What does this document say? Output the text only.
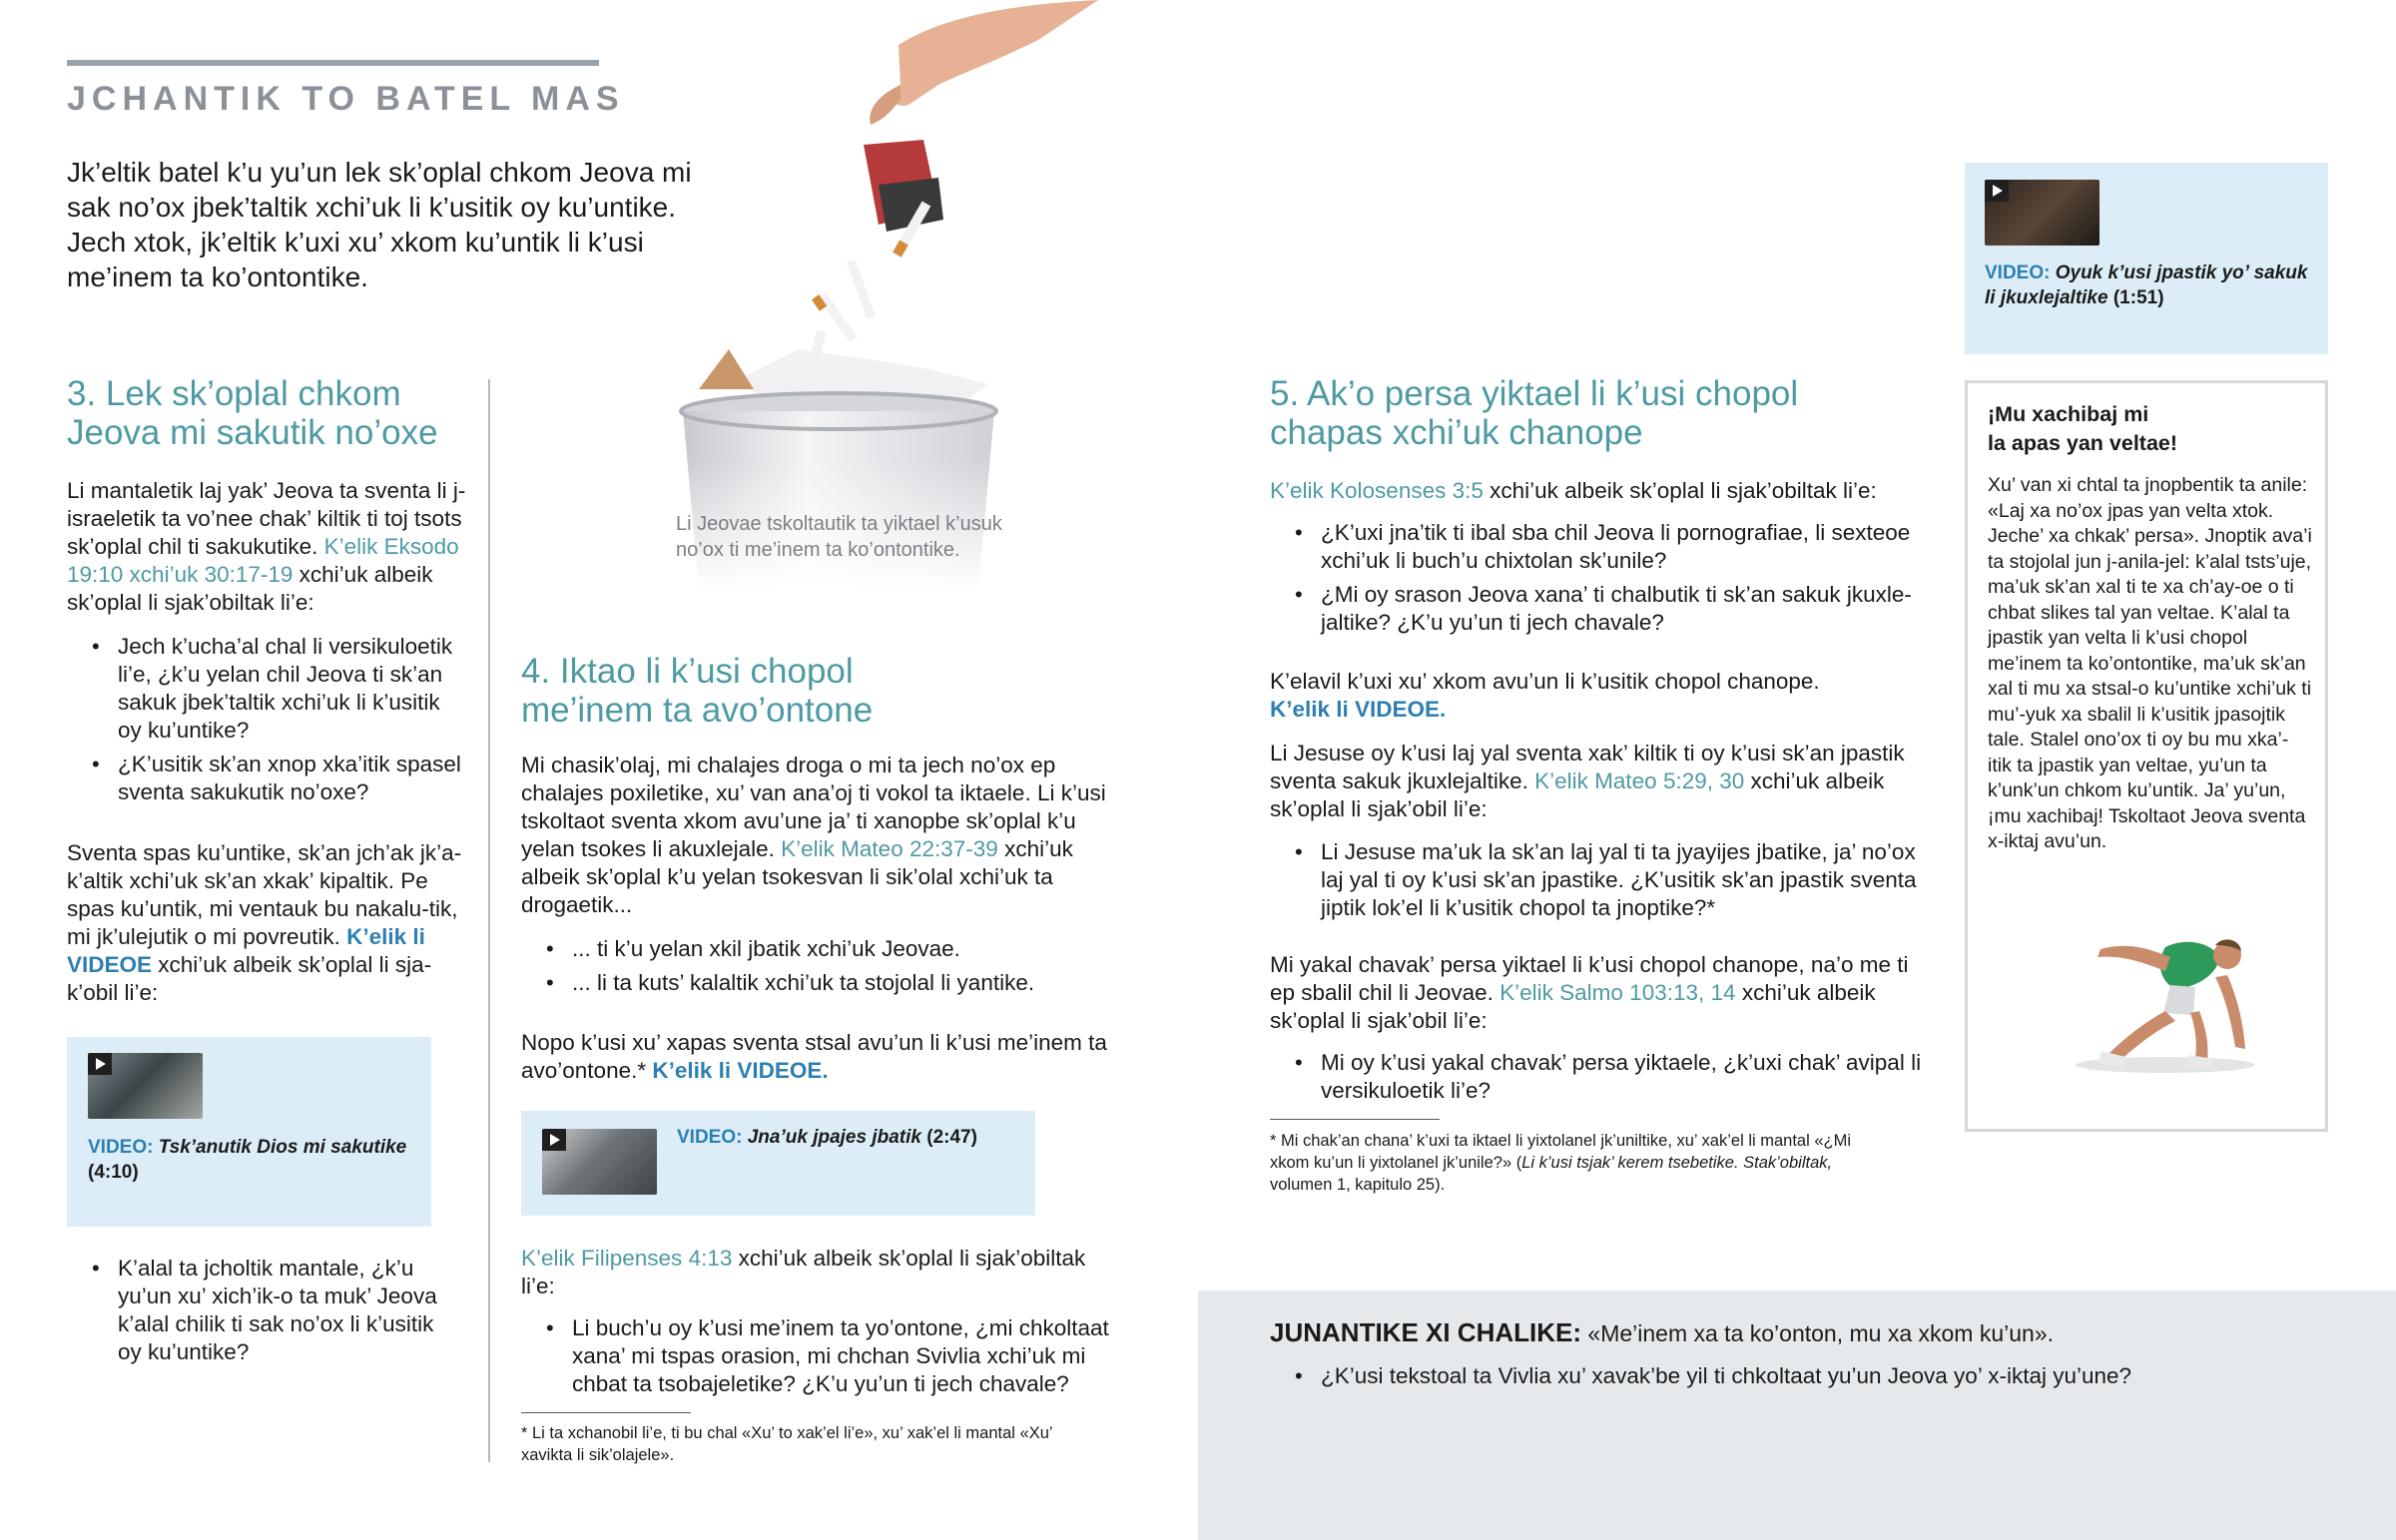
JCHANTIK TO BATEL MAS

Jk’eltik batel k’u yu’un lek sk’oplal chkom Jeova mi sak no’ox jbek’taltik xchi’uk li k’usitik oy ku’untike. Jech xtok, jk’eltik k’uxi xu’ xkom ku’untik li k’usi me’inem ta ko’ontontike.

Li Jeovae tskoltautik ta yiktael k’usuk no’ox ti me’inem ta ko’ontontike.

3. Lek sk’oplal chkom Jeova mi sakutik no’oxe

Li mantaletik laj yak’ Jeova ta sventa li j-israeletik ta vo’nee chak’ kiltik ti toj tsots sk’oplal chil ti sakukutike. K’elik Eksodo 19:10 xchi’uk 30:17-19 xchi’uk albeik sk’oplal li sjak’obiltak li’e:

• Jech k’ucha’al chal li versikuloetik li’e, ¿k’u yelan chil Jeova ti sk’an sakuk jbek’taltik xchi’uk li k’usitik oy ku’untike?
• ¿K’usitik sk’an xnop xka’itik spasel sventa sakukutik no’oxe?

Sventa spas ku’untike, sk’an jch’ak jk’a-k’altik xchi’uk sk’an xkak’ kipaltik. Pe spas ku’untik, mi ventauk bu nakalu-tik, mi jk’ulejutik o mi povreutik. K’elik li VIDEOE xchi’uk albeik sk’oplal li sja-k’obil li’e:

VIDEO: Tsk’anutik Dios mi sakutike (4:10)

• K’alal ta jcholtik mantale, ¿k’u yu’un xu’ xich’ik-o ta muk’ Jeova k’alal chilik ti sak no’ox li k’usitik oy ku’untike?
4. Iktao li k’usi chopol me’inem ta avo’ontone

Mi chasik’olaj, mi chalajes droga o mi ta jech no’ox ep chalajes poxiletike, xu’ van ana’oj ti vokol ta iktaele. Li k’usi tskoltaot sventa xkom avu’une ja’ ti xanopbe sk’oplal k’u yelan tsokes li akuxlejale. K’elik Mateo 22:37-39 xchi’uk albeik sk’oplal k’u yelan tsokesvan li sik’olal xchi’uk ta drogaetik...

• ... ti k’u yelan xkil jbatik xchi’uk Jeovae.
• ... li ta kuts’ kalaltik xchi’uk ta stojolal li yantike.

Nopo k’usi xu’ xapas sventa stsal avu’un li k’usi me’inem ta avo’ontone.* K’elik li VIDEOE.

VIDEO: Jna’uk jpajes jbatik (2:47)

K’elik Filipenses 4:13 xchi’uk albeik sk’oplal li sjak’obiltak li’e:

• Li buch’u oy k’usi me’inem ta yo’ontone, ¿mi chkoltaat xana’ mi tspas orasion, mi chchan Svivlia xchi’uk mi chbat ta tsobajeletike? ¿K’u yu’un ti jech chavale?

* Li ta xchanobil li’e, ti bu chal «Xu’ to xak’el li’e», xu’ xak’el li mantal «Xu’ xavikta li sik’olajele».

5. Ak’o persa yiktael li k’usi chopol chapas xchi’uk chanope

K’elik Kolosenses 3:5 xchi’uk albeik sk’oplal li sjak’obiltak li’e:

• ¿K’uxi jna’tik ti ibal sba chil Jeova li pornografiae, li sexteoe xchi’uk li buch’u chixtolan sk’unile?
• ¿Mi oy srason Jeova xana’ ti chalbutik ti sk’an sakuk jkuxle-jaltike? ¿K’u yu’un ti jech chavale?

K’elavil k’uxi xu’ xkom avu’un li k’usitik chopol chanope.
K’elik li VIDEOE.

Li Jesuse oy k’usi laj yal sventa xak’ kiltik ti oy k’usi sk’an jpastik sventa sakuk jkuxlejaltike. K’elik Mateo 5:29, 30 xchi’uk albeik sk’oplal li sjak’obil li’e:

• Li Jesuse ma’uk la sk’an laj yal ti ta jyayijes jbatike, ja’ no’ox laj yal ti oy k’usi sk’an jpastike. ¿K’usitik sk’an jpastik sventa jiptik lok’el li k’usitik chopol ta jnoptike?*

Mi yakal chavak’ persa yiktael li k’usi chopol chanope, na’o me ti ep sbalil chil li Jeovae. K’elik Salmo 103:13, 14 xchi’uk albeik sk’oplal li sjak’obil li’e:

• Mi oy k’usi yakal chavak’ persa yiktaele, ¿k’uxi chak’ avipal li versikuloetik li’e?

* Mi chak’an chana’ k’uxi ta iktael li yixtolanel jk’uniltike, xu’ xak’el li mantal «¿Mi xkom ku’un li yixtolanel jk’unile?» (Li k’usi tsjak’ kerem tsebetike. Stak’obiltak, volumen 1, kapitulo 25).

VIDEO: Oyuk k’usi jpastik yo’ sakuk li jkuxlejaltike (1:51)

¡Mu xachibaj mi
la apas yan veltae!

Xu’ van xi chtal ta jnopbentik ta anile: «Laj xa no’ox jpas yan velta xtok. Jeche’ xa chkak’ persa». Jnoptik ava’i ta stojolal jun j-anila-jel: k’alal tsts’uje, ma’uk sk’an xal ti te xa ch’ay-oe o ti chbat slikes tal yan veltae. K’alal ta jpastik yan velta li k’usi chopol me’inem ta ko’ontontike, ma’uk sk’an xal ti mu xa stsal-o ku’untike xchi’uk ti mu’-yuk xa sbalil li k’usitik jpasojtik tale. Stalel ono’ox ti oy bu mu xka’-itik ta jpastik yan veltae, yu’un ta k’unk’un chkom ku’untik. Ja’ yu’un, ¡mu xachibaj! Tskoltaot Jeova sventa x-iktaj avu’un.

JUNANTIKE XI CHALIKE: «Me’inem xa ta ko’onton, mu xa xkom ku’un».

• ¿K’usi tekstoal ta Vivlia xu’ xavak’be yil ti chkoltaat yu’un Jeova yo’ x-iktaj yu’une?
